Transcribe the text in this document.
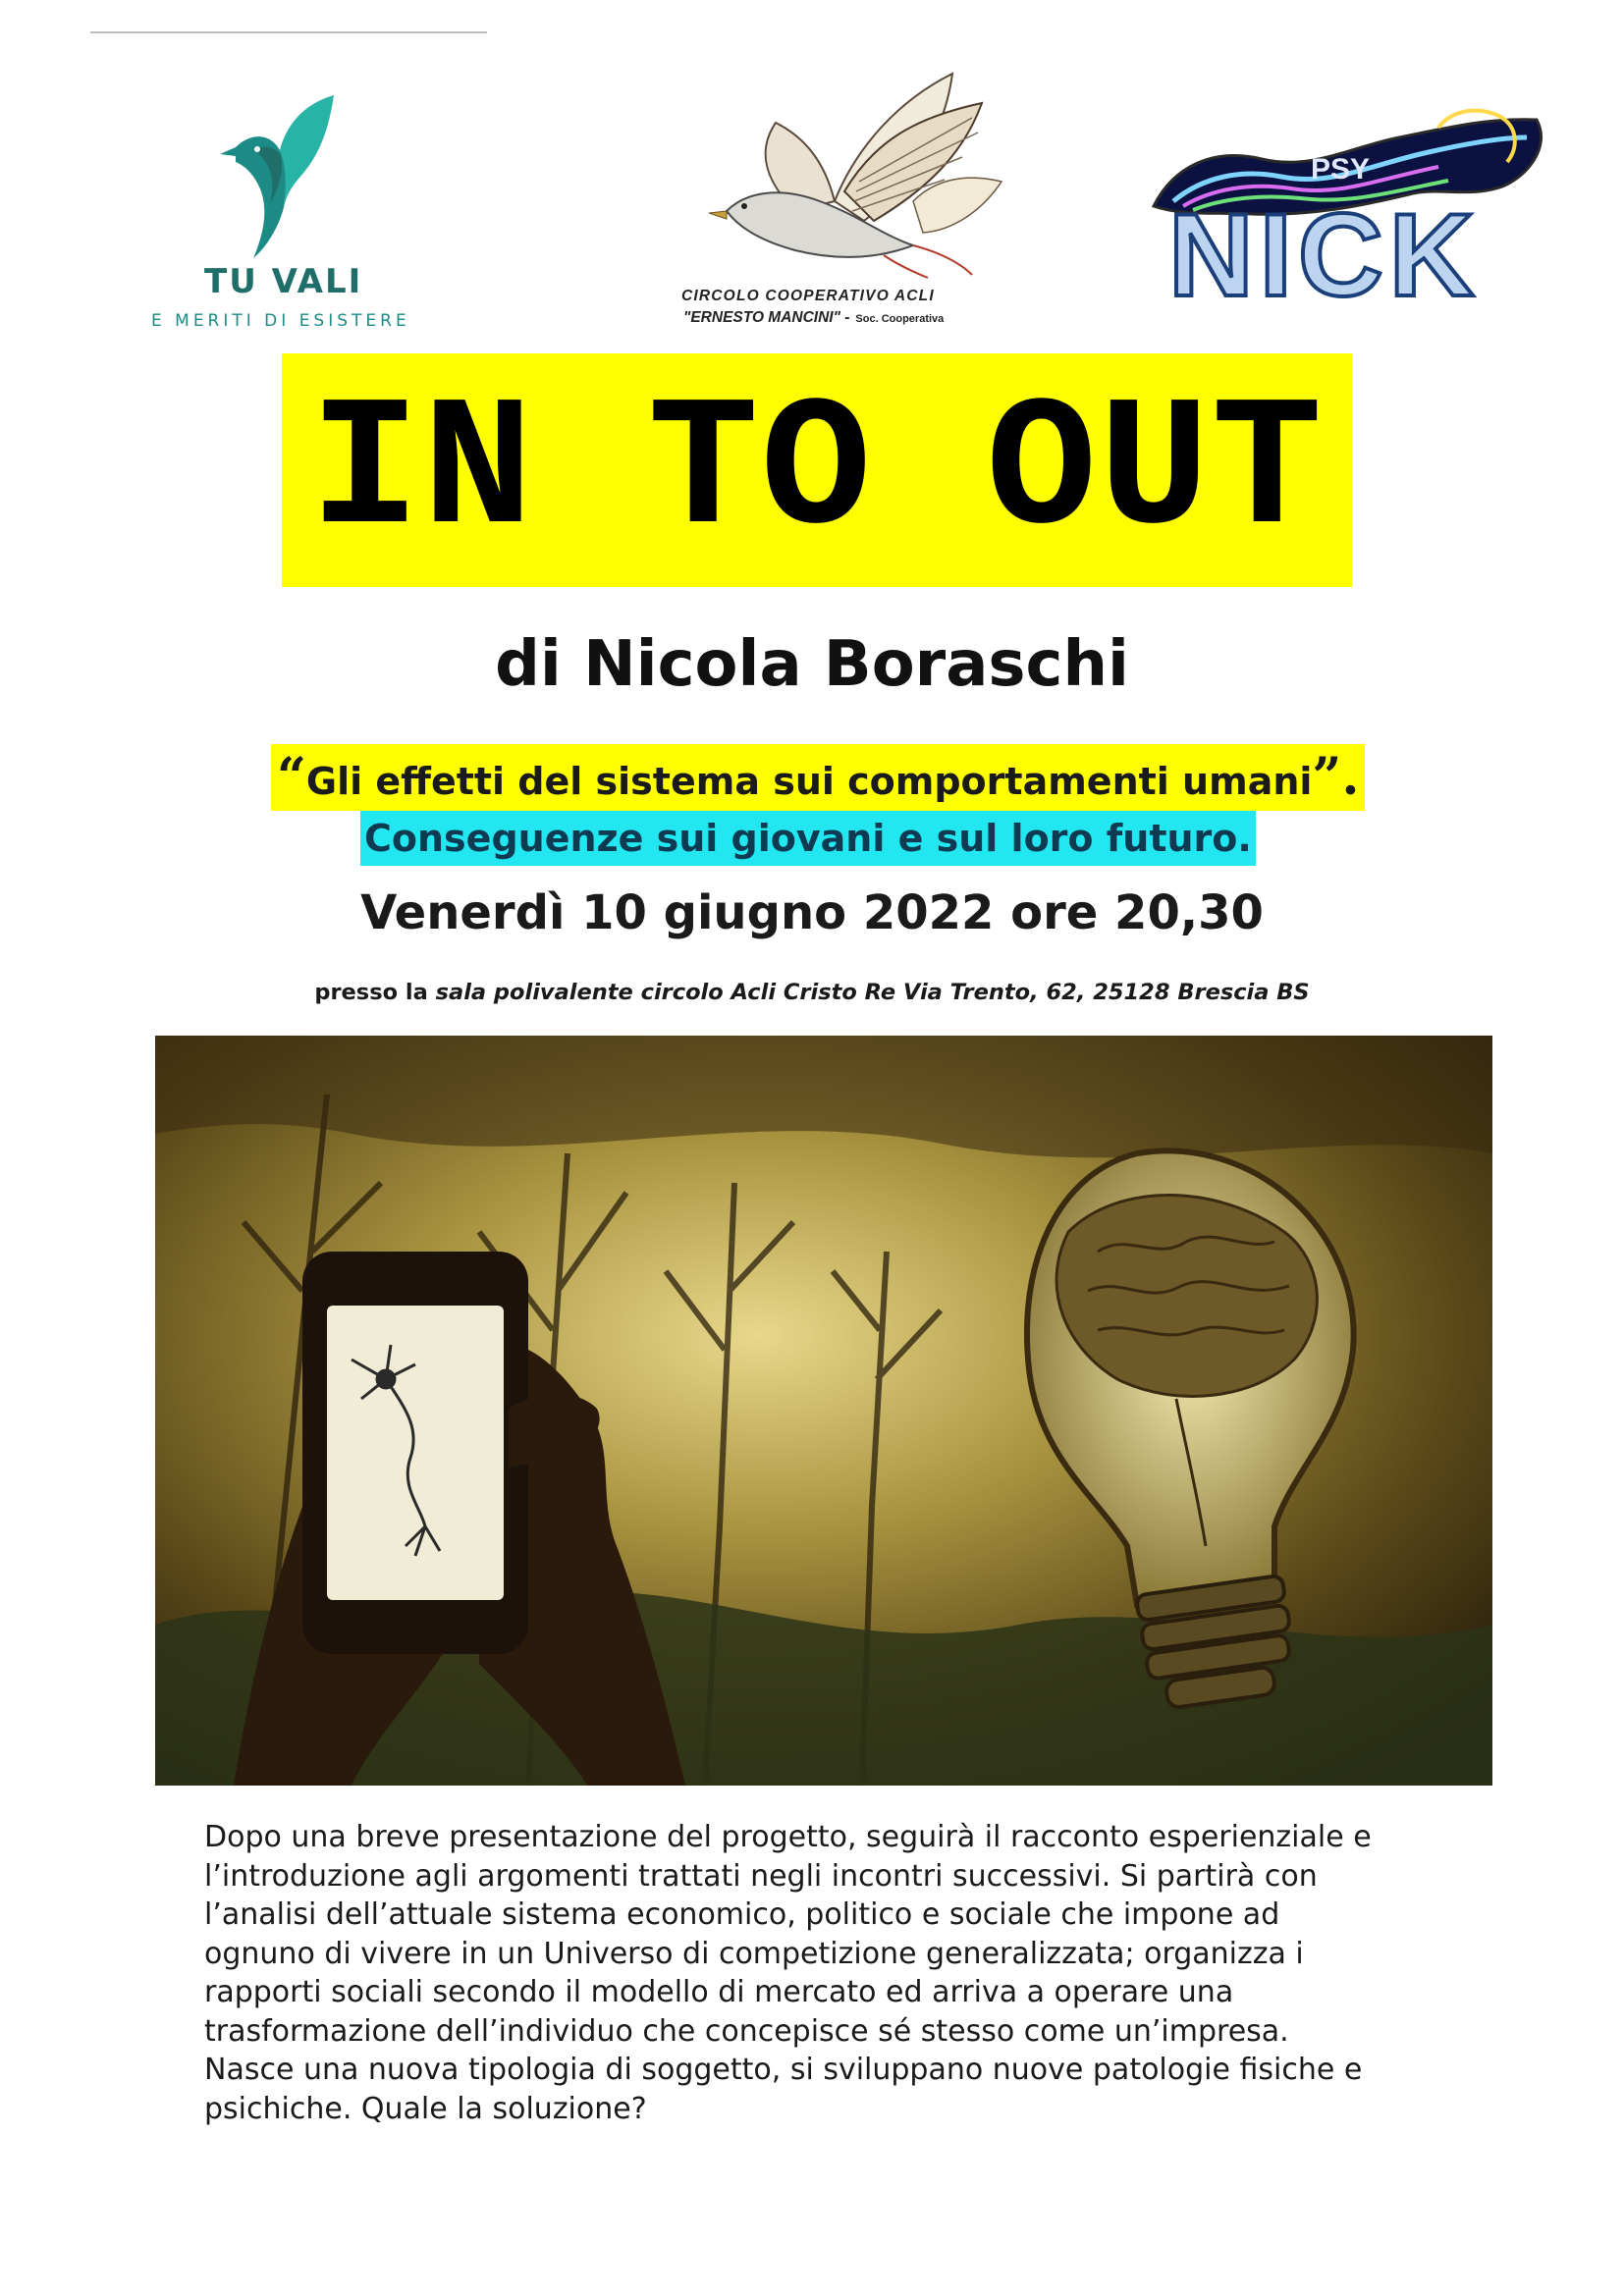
TU VALI
E MERITI DI ESISTERE
CIRCOLO COOPERATIVO ACLI
"ERNESTO MANCINI" - Soc. Cooperativa
PSY
NICK
IN TO OUT
di Nicola Boraschi
“Gli effetti del sistema sui comportamenti umani”.
Conseguenze sui giovani e sul loro futuro.
Venerdì 10 giugno 2022 ore 20,30
presso la sala polivalente circolo Acli Cristo Re Via Trento, 62, 25128 Brescia BS
Dopo una breve presentazione del progetto, seguirà il racconto esperienziale e
l’introduzione agli argomenti trattati negli incontri successivi. Si partirà con
l’analisi dell’attuale sistema economico, politico e sociale che impone ad
ognuno di vivere in un Universo di competizione generalizzata; organizza i
rapporti sociali secondo il modello di mercato ed arriva a operare una
trasformazione dell’individuo che concepisce sé stesso come un’impresa.
Nasce una nuova tipologia di soggetto, si sviluppano nuove patologie fisiche e
psichiche. Quale la soluzione?
